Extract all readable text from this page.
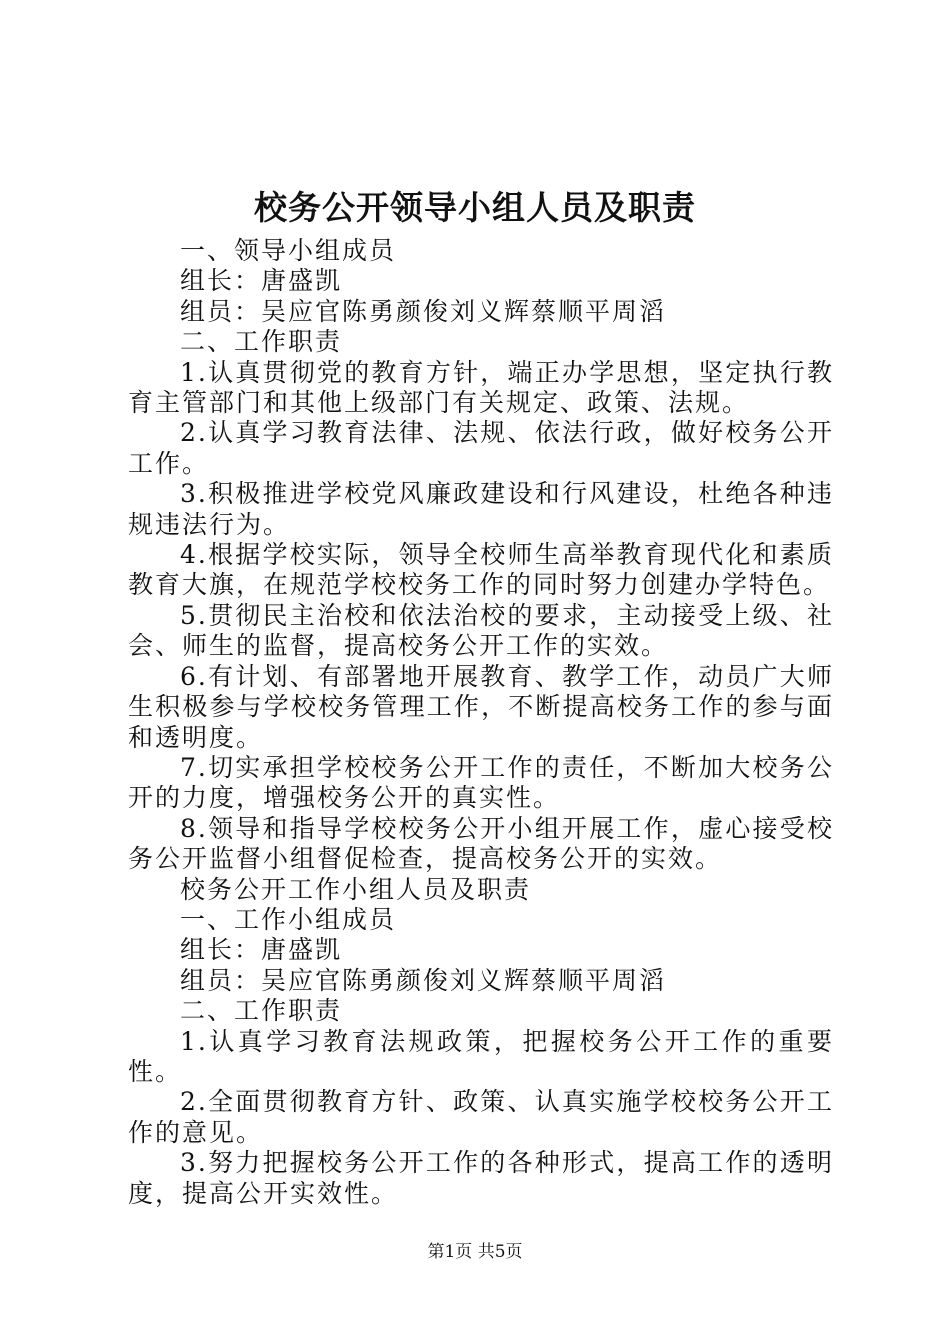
校务公开领导小组人员及职责

一、领导小组成员

组长：唐盛凯

组员：吴应官陈勇颜俊刘义辉蔡顺平周滔

二、工作职责

1.认真贯彻党的教育方针，端正办学思想，坚定执行教育主管部门和其他上级部门有关规定、政策、法规。

2.认真学习教育法律、法规、依法行政，做好校务公开工作。

3.积极推进学校党风廉政建设和行风建设，杜绝各种违规违法行为。

4.根据学校实际，领导全校师生高举教育现代化和素质教育大旗，在规范学校校务工作的同时努力创建办学特色。

5.贯彻民主治校和依法治校的要求，主动接受上级、社会、师生的监督，提高校务公开工作的实效。

6.有计划、有部署地开展教育、教学工作，动员广大师生积极参与学校校务管理工作，不断提高校务工作的参与面和透明度。

7.切实承担学校校务公开工作的责任，不断加大校务公开的力度，增强校务公开的真实性。

8.领导和指导学校校务公开小组开展工作，虚心接受校务公开监督小组督促检查，提高校务公开的实效。

校务公开工作小组人员及职责

一、工作小组成员

组长：唐盛凯

组员：吴应官陈勇颜俊刘义辉蔡顺平周滔

二、工作职责

1.认真学习教育法规政策，把握校务公开工作的重要性。

2.全面贯彻教育方针、政策、认真实施学校校务公开工作的意见。

3.努力把握校务公开工作的各种形式，提高工作的透明度，提高公开实效性。

第1页 共5页
